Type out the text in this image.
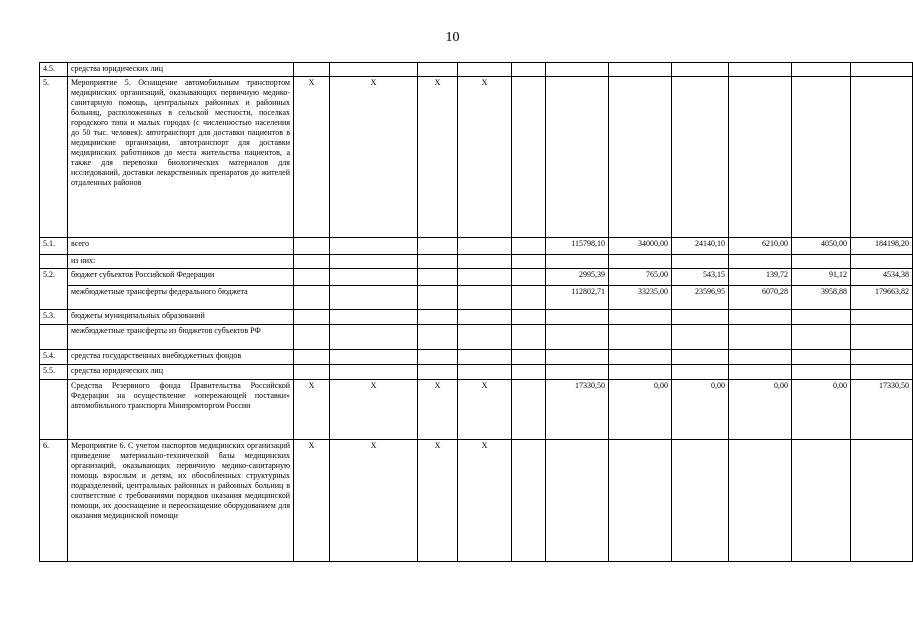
10
4.5.	средства юридических лиц											
5.	Мероприятие 5. Оснащение автомобильным транспортом медицинских организаций, оказывающих первичную медико-санитарную помощь, центральных районных и районных больниц, расположенных в сельской местности, поселках городского типа и малых городах (с численностью населения до 50 тыс. человек): автотранспорт для доставки пациентов в медицинские организации, автотранспорт для доставки медицинских работников до места жительства пациентов, а также для перевозки биологических материалов для исследований, доставки лекарственных препаратов до жителей отдаленных районов	X	X	X	X							
5.1.	всего						115798,10	34000,00	24140,10	6210,00	4050,00	184198,20
	из них:											
5.2.	бюджет субъектов Российской Федерации						2995,39	765,00	543,15	139,72	91,12	4534,38
	межбюджетные трансферты федерального бюджета						112802,71	33235,00	23596,95	6070,28	3958,88	179663,82
5.3.	бюджеты муниципальных образований											
	межбюджетные трансферты из бюджетов субъектов РФ											
5.4.	средства государственных внебюджетных фондов											
5.5.	средства юридических лиц											
	Средства Резервного фонда Правительства Российской Федерации на осуществление «опережающей поставки» автомобильного транспорта Минпромторгом России	X	X	X	X		17330,50	0,00	0,00	0,00	0,00	17330,50
6.	Мероприятие 6. С учетом паспортов медицинских организаций приведение материально-технической базы медицинских организаций, оказывающих первичную медико-санитарную помощь взрослым и детям, их обособленных структурных подразделений, центральных районных и районных больниц в соответствие с требованиями порядков оказания медицинской помощи, их дооснащение и переоснащение оборудованием для оказания медицинской помощи	X	X	X	X							
